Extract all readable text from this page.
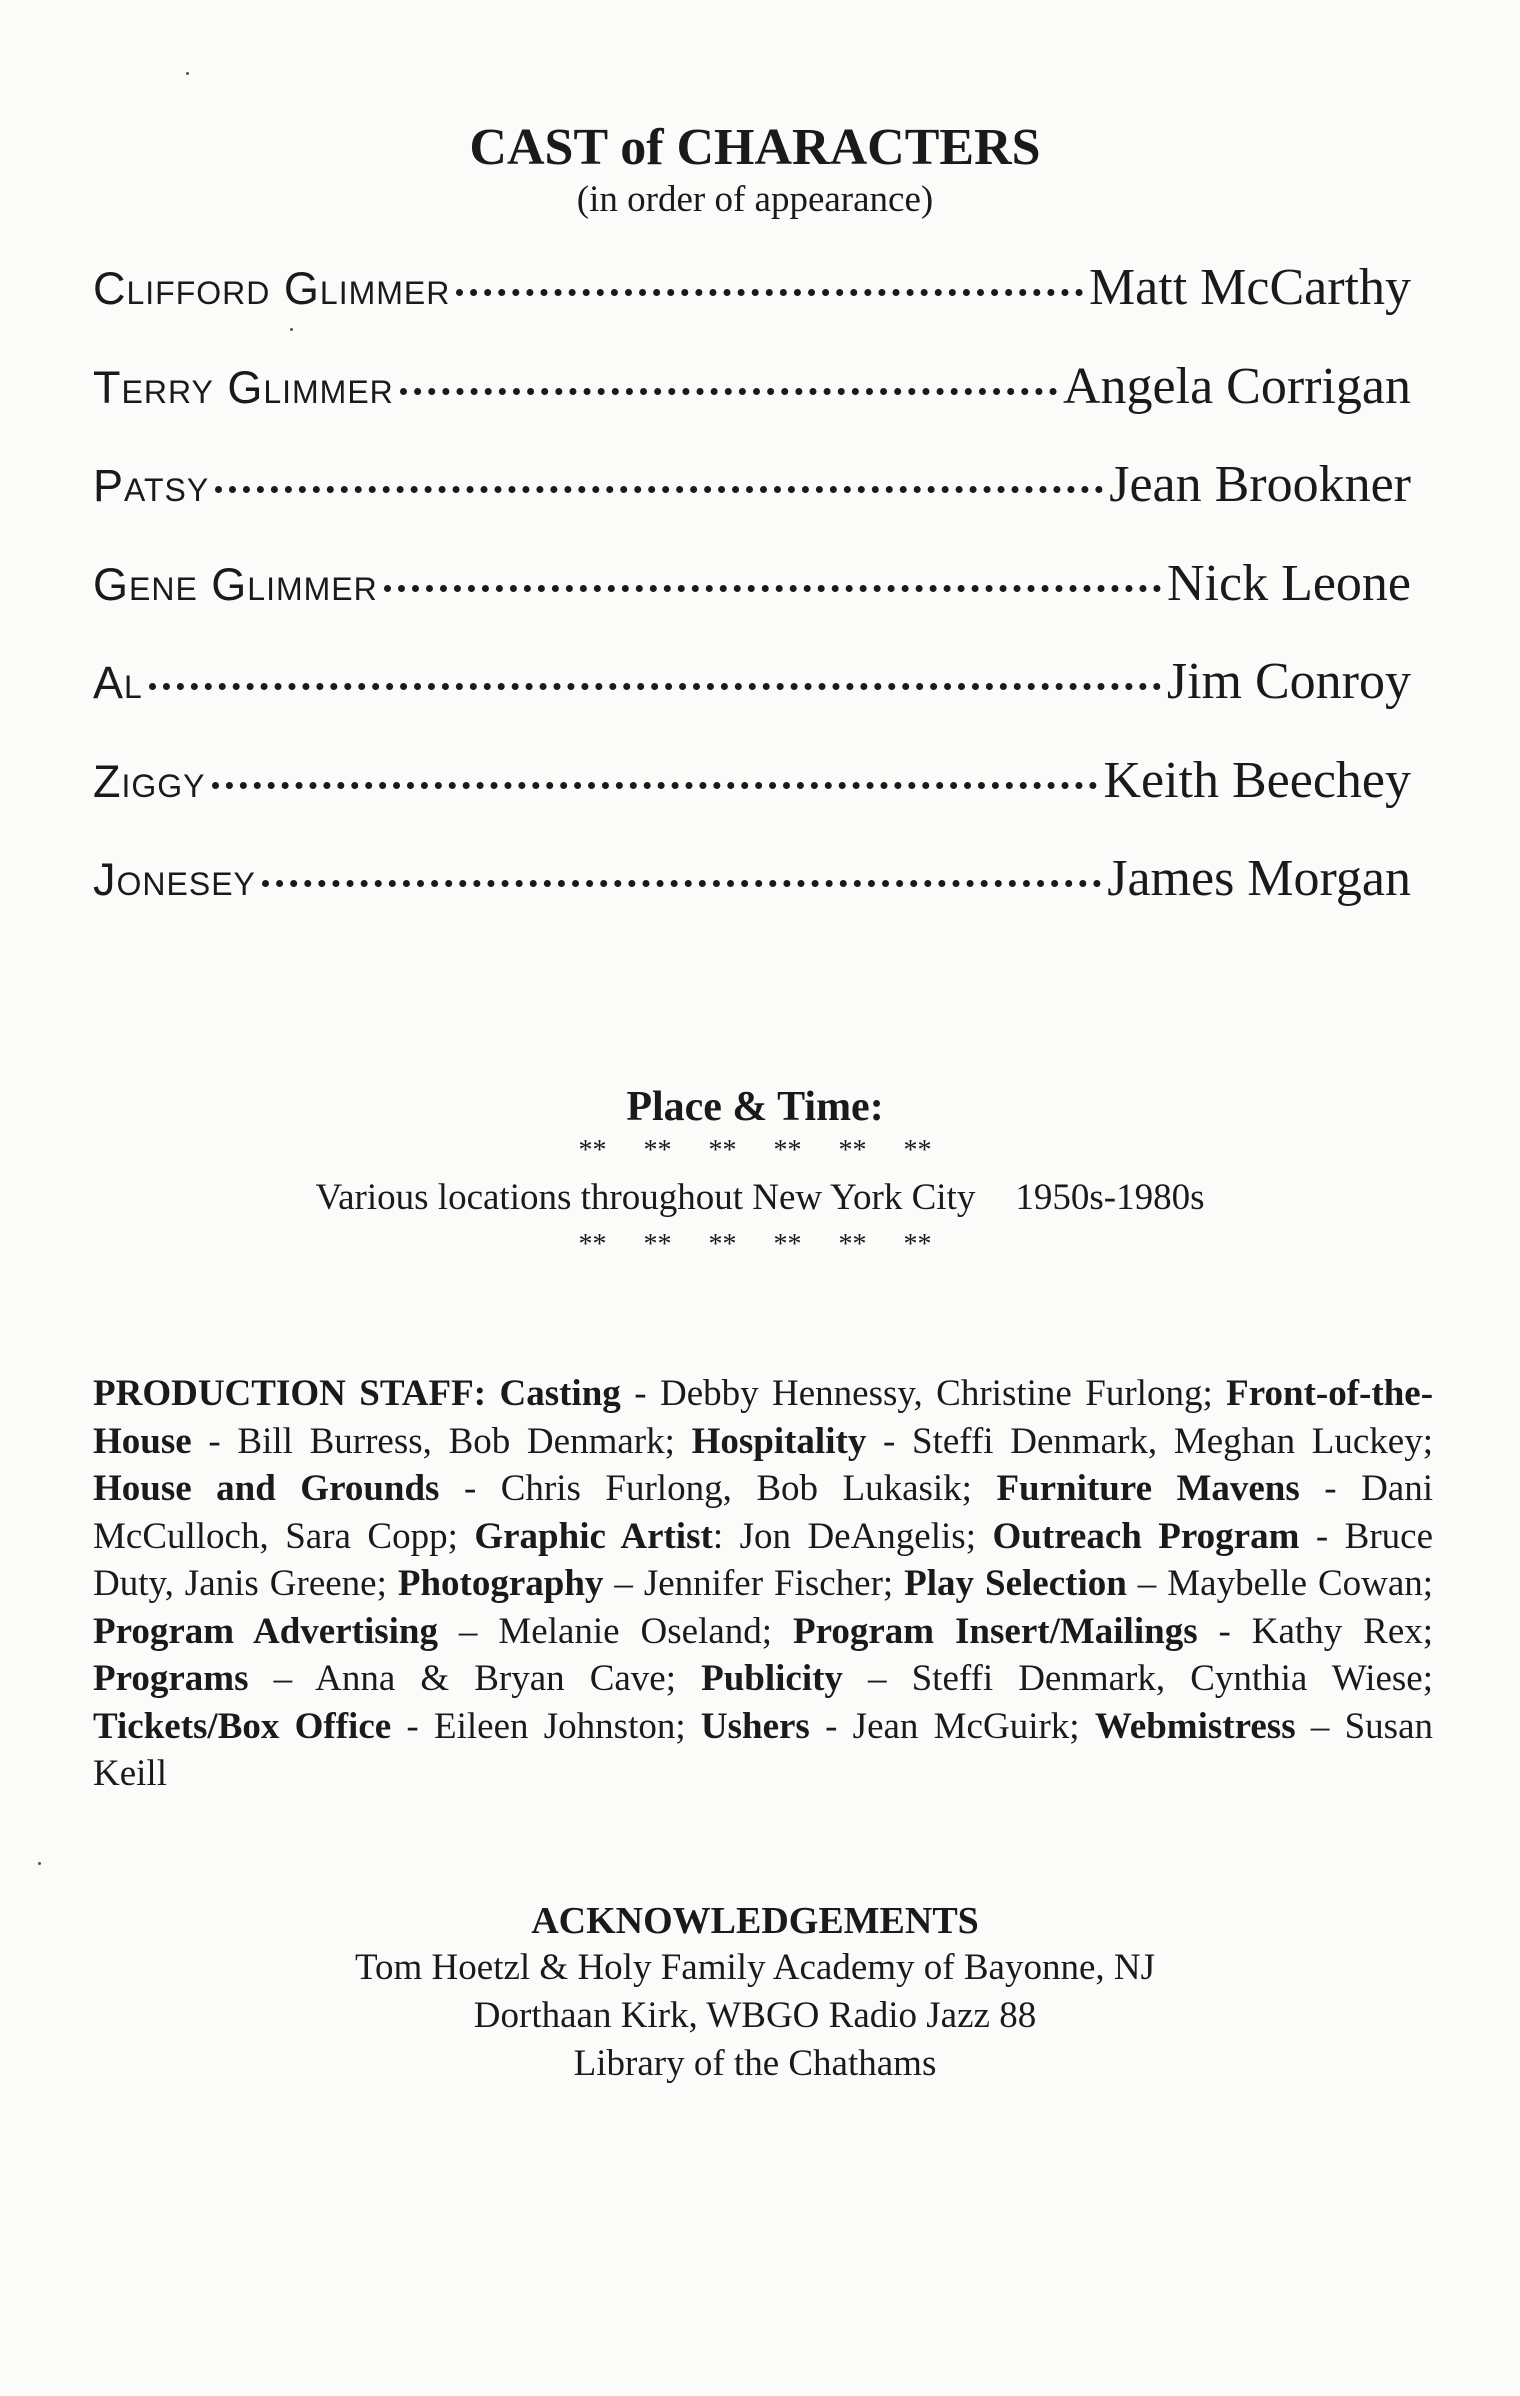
CAST of CHARACTERS
(in order of appearance)
Clifford Glimmer	Matt McCarthy
Terry Glimmer	Angela Corrigan
Patsy	Jean Brookner
Gene Glimmer	Nick Leone
Al	Jim Conroy
Ziggy	Keith Beechey
Jonesey	James Morgan
Place & Time:
** ** ** ** ** **
Various locations throughout New York City 1950s-1980s
** ** ** ** ** **
PRODUCTION STAFF: Casting - Debby Hennessy, Christine Furlong; Front-of-the-House - Bill Burress, Bob Denmark; Hospitality - Steffi Denmark, Meghan Luckey; House and Grounds - Chris Furlong, Bob Lukasik; Furniture Mavens - Dani McCulloch, Sara Copp; Graphic Artist: Jon DeAngelis; Outreach Program - Bruce Duty, Janis Greene; Photography – Jennifer Fischer; Play Selection – Maybelle Cowan; Program Advertising – Melanie Oseland; Program Insert/Mailings - Kathy Rex; Programs – Anna & Bryan Cave; Publicity – Steffi Denmark, Cynthia Wiese; Tickets/Box Office - Eileen Johnston; Ushers - Jean McGuirk; Webmistress – Susan Keill
ACKNOWLEDGEMENTS
Tom Hoetzl & Holy Family Academy of Bayonne, NJ
Dorthaan Kirk, WBGO Radio Jazz 88
Library of the Chathams
